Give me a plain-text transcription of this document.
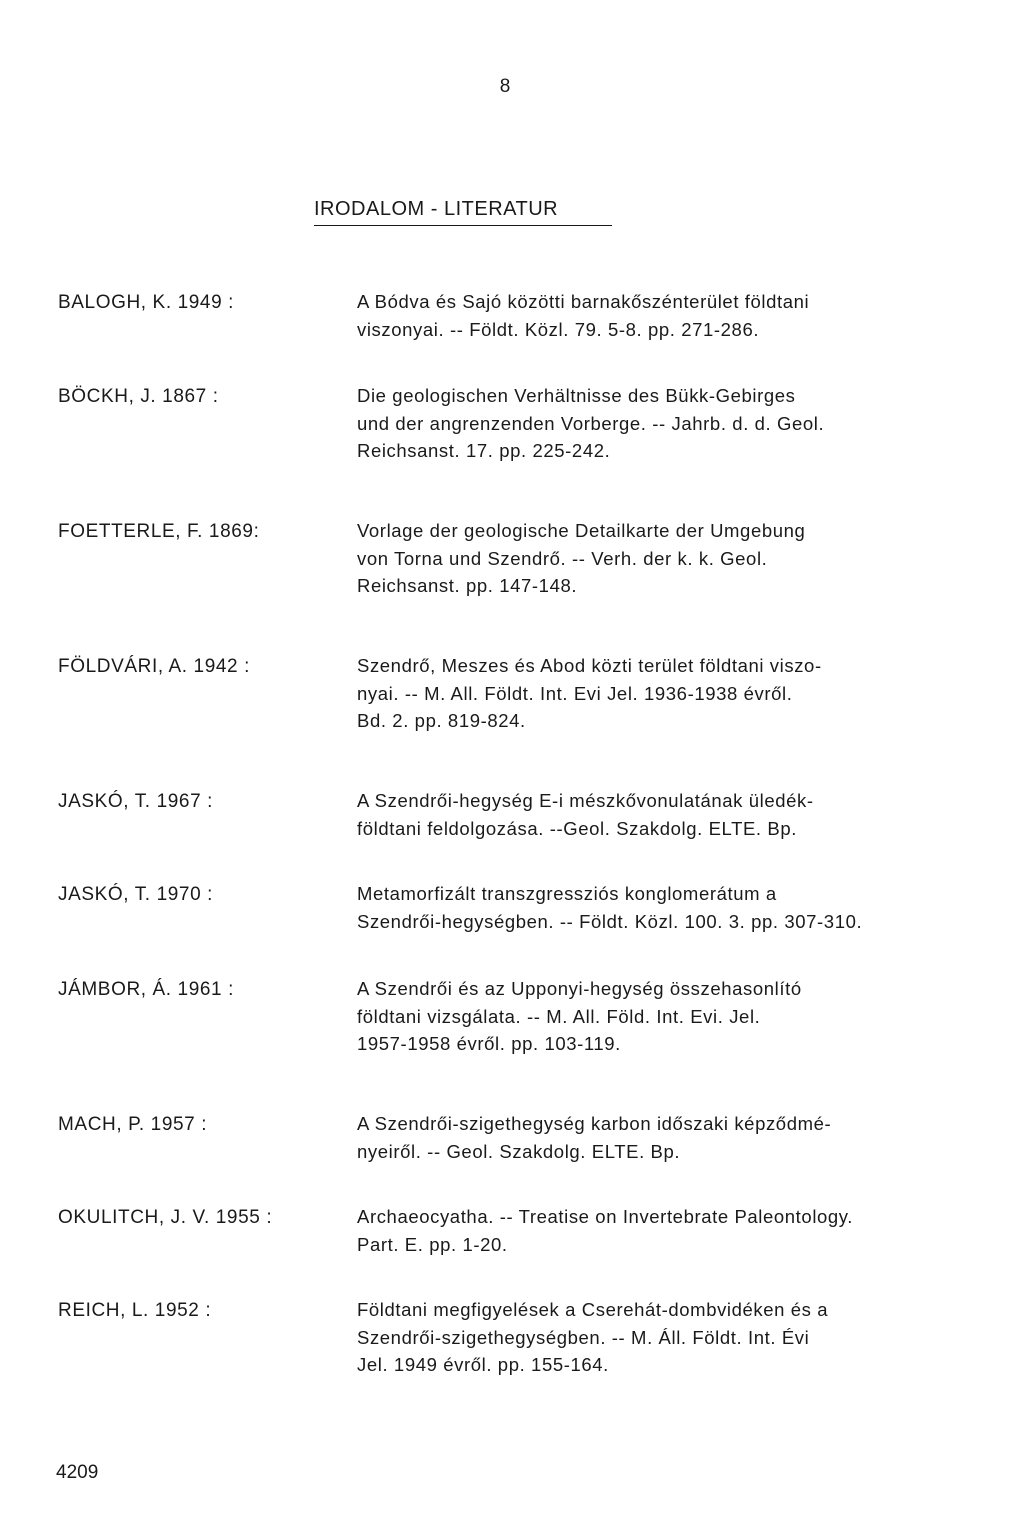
8
IRODALOM - LITERATUR
BALOGH, K. 1949 :	A Bódva és Sajó közötti barnakőszénterület földtani
viszonyai. -- Földt. Közl. 79. 5-8. pp. 271-286.
BÖCKH, J. 1867 :	Die geologischen Verhältnisse des Bükk-Gebirges
und der angrenzenden Vorberge. -- Jahrb. d. d. Geol.
Reichsanst. 17. pp. 225-242.
FOETTERLE, F. 1869:	Vorlage der geologische Detailkarte der Umgebung
von Torna und Szendrő. -- Verh. der k. k. Geol.
Reichsanst. pp. 147-148.
FÖLDVÁRI, A. 1942 :	Szendrő, Meszes és Abod közti terület földtani viszo-
nyai. -- M. All. Földt. Int. Evi Jel. 1936-1938 évről.
Bd. 2. pp. 819-824.
JASKÓ, T. 1967 :	A Szendrői-hegység E-i mészkővonulatának üledék-
földtani feldolgozása. --Geol. Szakdolg. ELTE. Bp.
JASKÓ, T. 1970 :	Metamorfizált transzgressziós konglomerátum a
Szendrői-hegységben. -- Földt. Közl. 100. 3. pp. 307-310.
JÁMBOR, Á. 1961 :	A Szendrői és az Upponyi-hegység összehasonlító
földtani vizsgálata. -- M. All. Föld. Int. Evi. Jel.
1957-1958 évről. pp. 103-119.
MACH, P. 1957 :	A Szendrői-szigethegység karbon időszaki képződmé-
nyeiről. -- Geol. Szakdolg. ELTE. Bp.
OKULITCH, J. V. 1955 :	Archaeocyatha. -- Treatise on Invertebrate Paleontology.
Part. E. pp. 1-20.
REICH, L. 1952 :	Földtani megfigyelések a Cserehát-dombvidéken és a
Szendrői-szigethegységben. -- M. Áll. Földt. Int. Évi
Jel. 1949 évről. pp. 155-164.
4209
